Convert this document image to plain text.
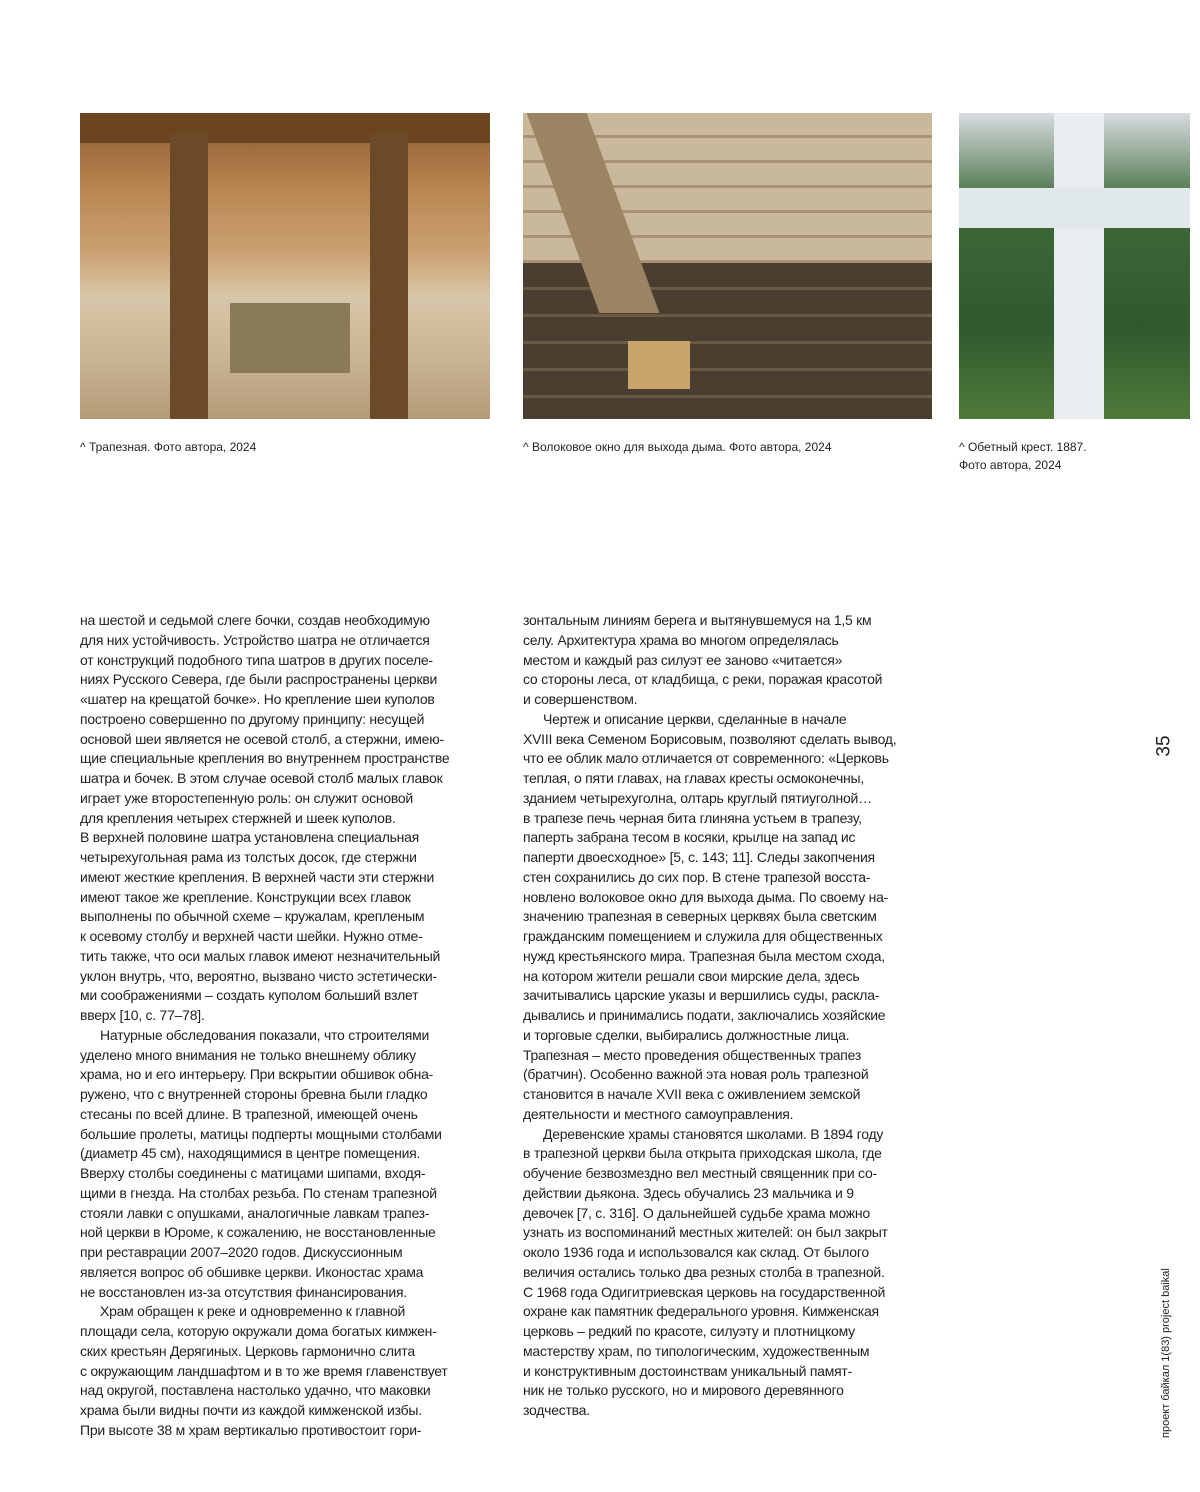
^ Трапезная. Фото автора, 2024	^ Волоковое окно для выхода дыма. Фото автора, 2024	^ Обетный крест. 1887.
Фото автора, 2024
на шестой и седьмой слеге бочки, создав необходимую
для них устойчивость. Устройство шатра не отличается
от конструкций подобного типа шатров в других поселе-
ниях Русского Севера, где были распространены церкви
«шатер на крещатой бочке». Но крепление шеи куполов
построено совершенно по другому принципу: несущей
основой шеи является не осевой столб, а стержни, имею-
щие специальные крепления во внутреннем пространстве
шатра и бочек. В этом случае осевой столб малых главок
играет уже второстепенную роль: он служит основой
для крепления четырех стержней и шеек куполов.
В верхней половине шатра установлена специальная
четырехугольная рама из толстых досок, где стержни
имеют жесткие крепления. В верхней части эти стержни
имеют такое же крепление. Конструкции всех главок
выполнены по обычной схеме – кружалам, крепленым
к осевому столбу и верхней части шейки. Нужно отме-
тить также, что оси малых главок имеют незначительный
уклон внутрь, что, вероятно, вызвано чисто эстетически-
ми соображениями – создать куполом больший взлет
вверх [10, с. 77–78].
Натурные обследования показали, что строителями
уделено много внимания не только внешнему облику
храма, но и его интерьеру. При вскрытии обшивок обна-
ружено, что с внутренней стороны бревна были гладко
стесаны по всей длине. В трапезной, имеющей очень
большие пролеты, матицы подперты мощными столбами
(диаметр 45 см), находящимися в центре помещения.
Вверху столбы соединены с матицами шипами, входя-
щими в гнезда. На столбах резьба. По стенам трапезной
стояли лавки с опушками, аналогичные лавкам трапез-
ной церкви в Юроме, к сожалению, не восстановленные
при реставрации 2007–2020 годов. Дискуссионным
является вопрос об обшивке церкви. Иконостас храма
не восстановлен из-за отсутствия финансирования.
Храм обращен к реке и одновременно к главной
площади села, которую окружали дома богатых кимжен-
ских крестьян Дерягиных. Церковь гармонично слита
с окружающим ландшафтом и в то же время главенствует
над округой, поставлена настолько удачно, что маковки
храма были видны почти из каждой кимженской избы.
При высоте 38 м храм вертикалью противостоит гори-
зонтальным линиям берега и вытянувшемуся на 1,5 км
селу. Архитектура храма во многом определялась
местом и каждый раз силуэт ее заново «читается»
со стороны леса, от кладбища, с реки, поражая красотой
и совершенством.
Чертеж и описание церкви, сделанные в начале
XVIII века Семеном Борисовым, позволяют сделать вывод,
что ее облик мало отличается от современного: «Церковь
теплая, о пяти главах, на главах кресты осмоконечны,
зданием четырехуголна, олтарь круглый пятиуголной…
в трапезе печь черная бита глиняна устьем в трапезу,
паперть забрана тесом в косяки, крылце на запад ис
паперти двоесходное» [5, с. 143; 11]. Следы закопчения
стен сохранились до сих пор. В стене трапезой восста-
новлено волоковое окно для выхода дыма. По своему на-
значению трапезная в северных церквях была светским
гражданским помещением и служила для общественных
нужд крестьянского мира. Трапезная была местом схода,
на котором жители решали свои мирские дела, здесь
зачитывались царские указы и вершились суды, раскла-
дывались и принимались подати, заключались хозяйские
и торговые сделки, выбирались должностные лица.
Трапезная – место проведения общественных трапез
(братчин). Особенно важной эта новая роль трапезной
становится в начале XVII века с оживлением земской
деятельности и местного самоуправления.
Деревенские храмы становятся школами. В 1894 году
в трапезной церкви была открыта приходская школа, где
обучение безвозмездно вел местный священник при со-
действии дьякона. Здесь обучались 23 мальчика и 9
девочек [7, с. 316]. О дальнейшей судьбе храма можно
узнать из воспоминаний местных жителей: он был закрыт
около 1936 года и использовался как склад. От былого
величия остались только два резных столба в трапезной.
С 1968 года Одигитриевская церковь на государственной
охране как памятник федерального уровня. Кимженская
церковь – редкий по красоте, силуэту и плотницкому
мастерству храм, по типологическим, художественным
и конструктивным достоинствам уникальный памят-
ник не только русского, но и мирового деревянного
зодчества.
35
проект байкал 1(83) project baikal
